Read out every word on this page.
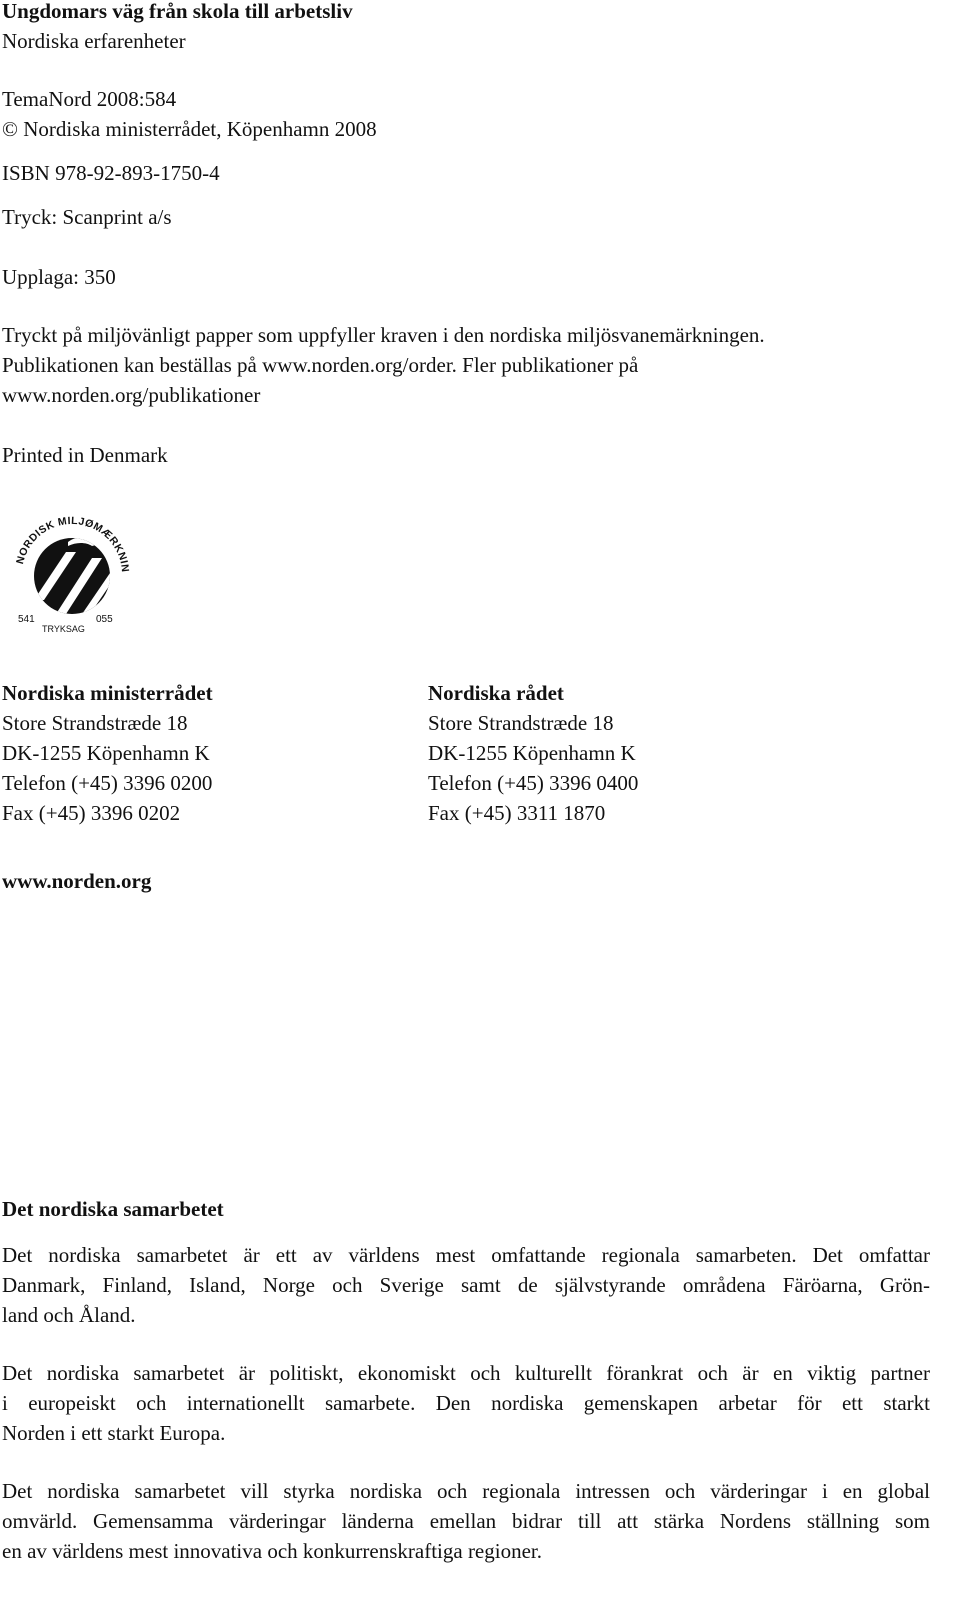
Ungdomars väg från skola till arbetsliv
Nordiska erfarenheter
TemaNord 2008:584
© Nordiska ministerrådet, Köpenhamn 2008
ISBN 978-92-893-1750-4
Tryck: Scanprint a/s
Upplaga: 350
Tryckt på miljövänligt papper som uppfyller kraven i den nordiska miljösvanemärkningen.
Publikationen kan beställas på www.norden.org/order. Fler publikationer på
www.norden.org/publikationer
Printed in Denmark
NORDISK MILJØMÆRKNIN
541	055
TRYKSAG
Nordiska ministerrådet
Store Strandstræde 18
DK-1255 Köpenhamn K
Telefon (+45) 3396 0200
Fax (+45) 3396 0202
Nordiska rådet
Store Strandstræde 18
DK-1255 Köpenhamn K
Telefon (+45) 3396 0400
Fax (+45) 3311 1870
www.norden.org
Det nordiska samarbetet
Det nordiska samarbetet är ett av världens mest omfattande regionala samarbeten. Det omfattar
Danmark, Finland, Island, Norge och Sverige samt de självstyrande områdena Färöarna, Grön-
land och Åland.
Det nordiska samarbetet är politiskt, ekonomiskt och kulturellt förankrat och är en viktig partner
i europeiskt och internationellt samarbete. Den nordiska gemenskapen arbetar för ett starkt
Norden i ett starkt Europa.
Det nordiska samarbetet vill styrka nordiska och regionala intressen och värderingar i en global
omvärld. Gemensamma värderingar länderna emellan bidrar till att stärka Nordens ställning som
en av världens mest innovativa och konkurrenskraftiga regioner.
